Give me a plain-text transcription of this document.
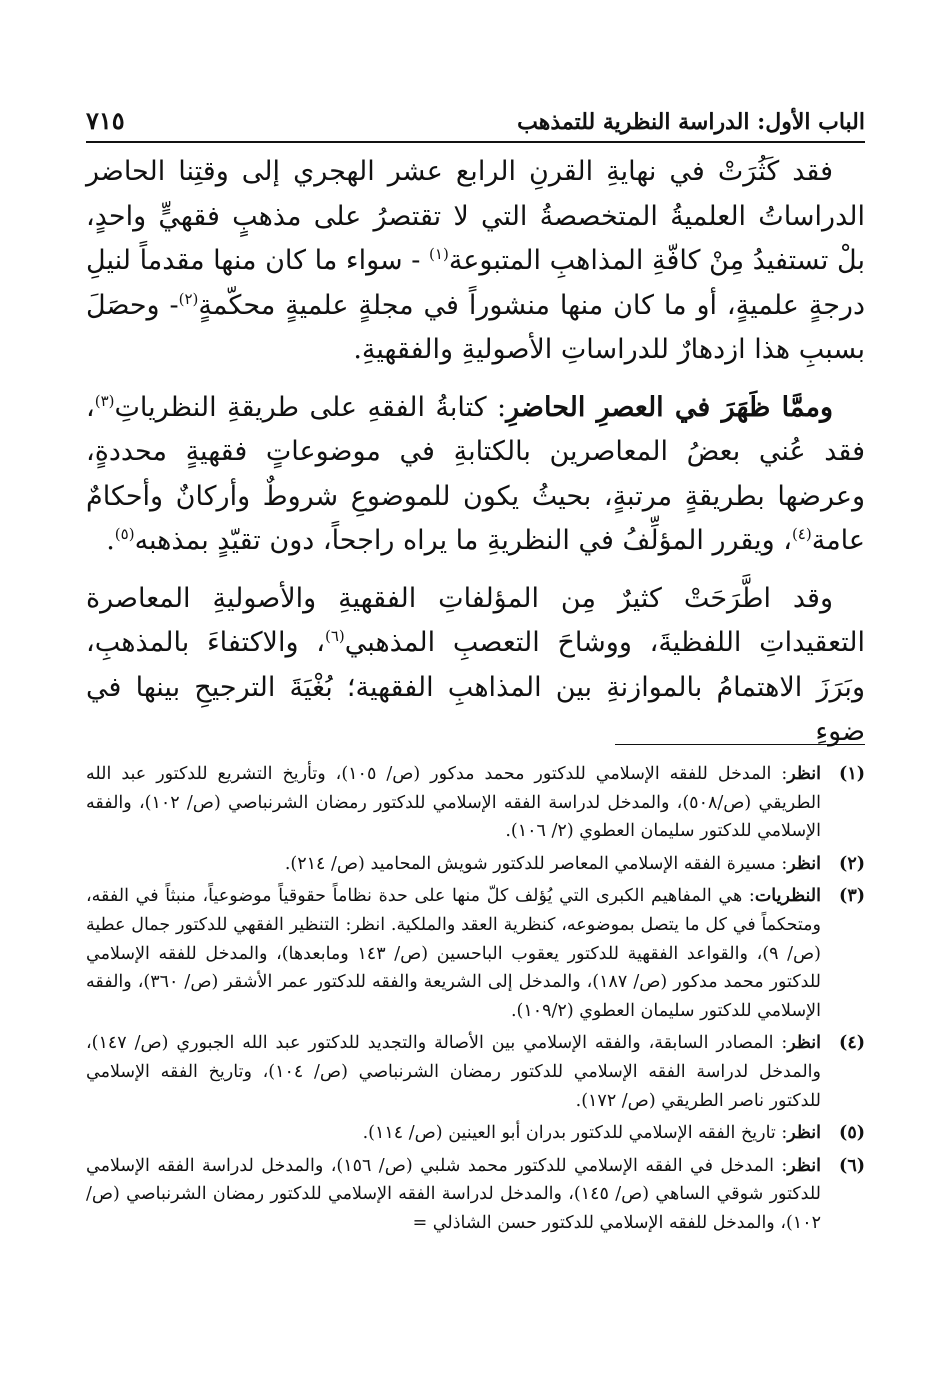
الباب الأول: الدراسة النظرية للتمذهب
٧١٥

فقد كَثُرَتْ في نهايةِ القرنِ الرابع عشر الهجري إلى وقتِنا الحاضر الدراساتُ العلميةُ المتخصصةُ التي لا تقتصرُ على مذهبٍ فقهيٍّ واحدٍ، بلْ تستفيدُ مِنْ كافّةِ المذاهبِ المتبوعة$^{(١)}$ - سواء ما كان منها مقدماً لنيلِ درجةٍ علميةٍ، أو ما كان منها منشوراً في مجلةٍ علميةٍ محكّمةٍ$^{(٢)}$- وحصَلَ بسببِ هذا ازدهارٌ للدراساتِ الأصوليةِ والفقهيةِ.

وممَّا ظَهَرَ في العصرِ الحاضرِ: كتابةُ الفقهِ على طريقةِ النظرياتِ$^{(٣)}$، فقد عُني بعضُ المعاصرين بالكتابةِ في موضوعاتٍ فقهيةٍ محددةٍ، وعرضها بطريقةٍ مرتبةٍ، بحيثُ يكون للموضوعِ شروطٌ وأركانٌ وأحكامٌ عامة$^{(٤)}$، ويقرر المؤلِّفُ في النظريةِ ما يراه راجحاً، دون تقيّدٍ بمذهبه$^{(٥)}$.

وقد اطَّرَحَتْ كثيرٌ مِن المؤلفاتِ الفقهيةِ والأصوليةِ المعاصرة التعقيداتِ اللفظيةَ، ووشاحَ التعصبِ المذهبي$^{(٦)}$، والاكتفاءَ بالمذهبِ، وبَرَزَ الاهتمامُ بالموازنةِ بين المذاهبِ الفقهية؛ بُغْيَةَ الترجيحِ بينها في ضوءِ

(١)
انظر: المدخل للفقه الإسلامي للدكتور محمد مدكور (ص/ ١٠٥)، وتأريخ التشريع للدكتور عبد الله الطريقي (ص/٥٠٨)، والمدخل لدراسة الفقه الإسلامي للدكتور رمضان الشرنباصي (ص/ ١٠٢)، والفقه الإسلامي للدكتور سليمان العطوي (٢/ ١٠٦).
(٢)
انظر: مسيرة الفقه الإسلامي المعاصر للدكتور شويش المحاميد (ص/ ٢١٤).
(٣)
النظريات: هي المفاهيم الكبرى التي يُؤلف كلّ منها على حدة نظاماً حقوقياً موضوعياً، منبثاً في الفقه، ومتحكماً في كل ما يتصل بموضوعه، كنظرية العقد والملكية. انظر: التنظير الفقهي للدكتور جمال عطية (ص/ ٩)، والقواعد الفقهية للدكتور يعقوب الباحسين (ص/ ١٤٣ ومابعدها)، والمدخل للفقه الإسلامي للدكتور محمد مدكور (ص/ ١٨٧)، والمدخل إلى الشريعة والفقه للدكتور عمر الأشقر (ص/ ٣٦٠)، والفقه الإسلامي للدكتور سليمان العطوي (١٠٩/٢).
(٤)
انظر: المصادر السابقة، والفقه الإسلامي بين الأصالة والتجديد للدكتور عبد الله الجبوري (ص/ ١٤٧)، والمدخل لدراسة الفقه الإسلامي للدكتور رمضان الشرنباصي (ص/ ١٠٤)، وتاريخ الفقه الإسلامي للدكتور ناصر الطريقي (ص/ ١٧٢).
(٥)
انظر: تاريخ الفقه الإسلامي للدكتور بدران أبو العينين (ص/ ١١٤).
(٦)
انظر: المدخل في الفقه الإسلامي للدكتور محمد شلبي (ص/ ١٥٦)، والمدخل لدراسة الفقه الإسلامي للدكتور شوقي الساهي (ص/ ١٤٥)، والمدخل لدراسة الفقه الإسلامي للدكتور رمضان الشرنباصي (ص/ ١٠٢)، والمدخل للفقه الإسلامي للدكتور حسن الشاذلي =
